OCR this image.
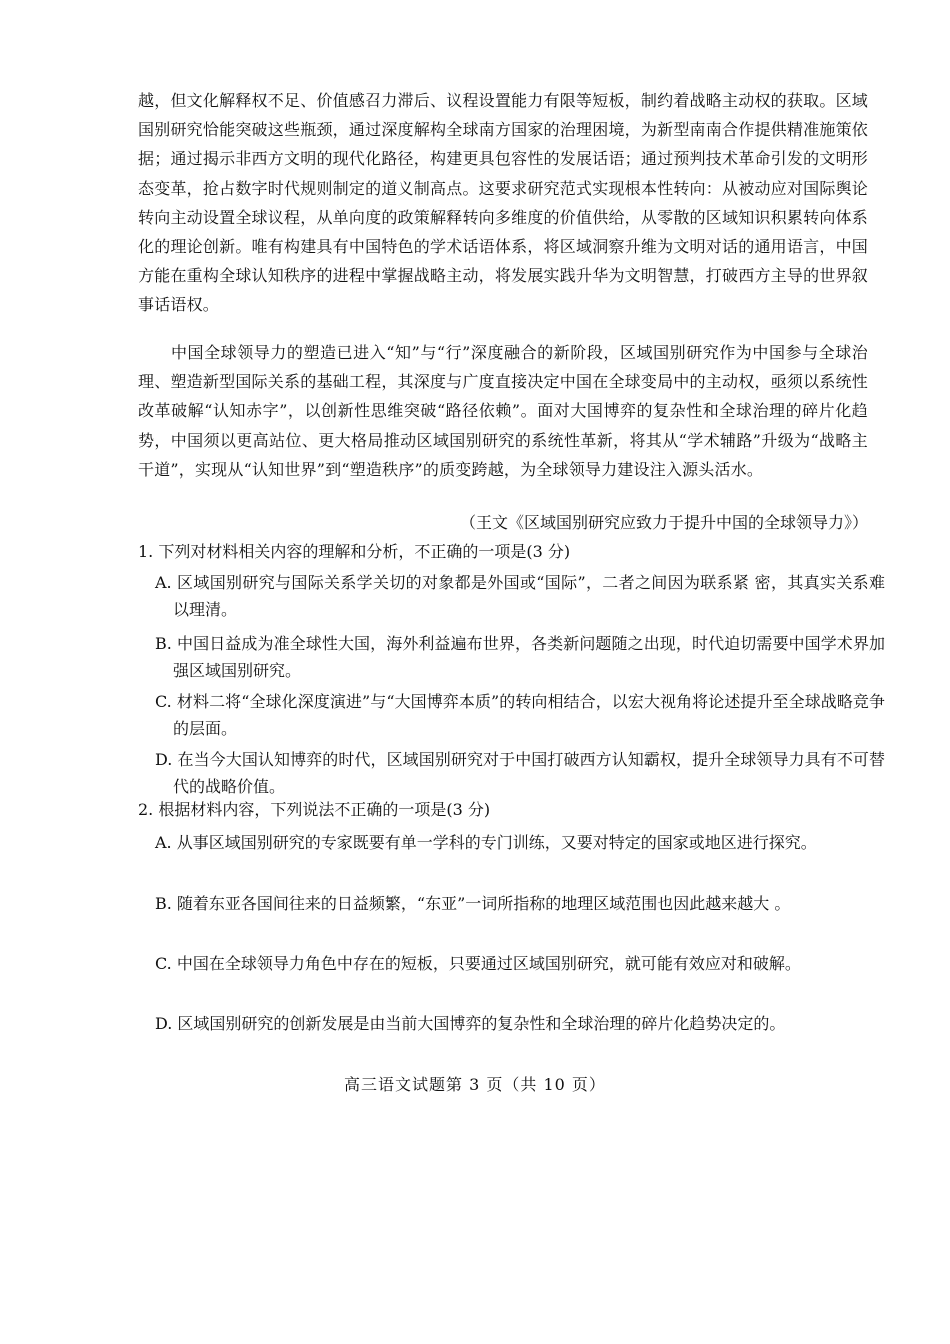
越，但文化解释权不足、价值感召力滞后、议程设置能力有限等短板，制约着战略主动权的获取。区域国别研究恰能突破这些瓶颈，通过深度解构全球南方国家的治理困境，为新型南南合作提供精准施策依据；通过揭示非西方文明的现代化路径，构建更具包容性的发展话语；通过预判技术革命引发的文明形态变革，抢占数字时代规则制定的道义制高点。这要求研究范式实现根本性转向：从被动应对国际舆论转向主动设置全球议程，从单向度的政策解释转向多维度的价值供给，从零散的区域知识积累转向体系化的理论创新。唯有构建具有中国特色的学术话语体系，将区域洞察升维为文明对话的通用语言，中国方能在重构全球认知秩序的进程中掌握战略主动，将发展实践升华为文明智慧，打破西方主导的世界叙事话语权。

中国全球领导力的塑造已进入“知”与“行”深度融合的新阶段，区域国别研究作为中国参与全球治理、塑造新型国际关系的基础工程，其深度与广度直接决定中国在全球变局中的主动权，亟须以系统性改革破解“认知赤字”，以创新性思维突破“路径依赖”。面对大国博弈的复杂性和全球治理的碎片化趋势，中国须以更高站位、更大格局推动区域国别研究的系统性革新，将其从“学术辅路”升级为“战略主干道”，实现从“认知世界”到“塑造秩序”的质变跨越，为全球领导力建设注入源头活水。

（王文《区域国别研究应致力于提升中国的全球领导力》）

1. 下列对材料相关内容的理解和分析，不正确的一项是(3 分)

A. 区域国别研究与国际关系学关切的对象都是外国或“国际”，二者之间因为联系紧 密，其真实关系难以理清。

B. 中国日益成为准全球性大国，海外利益遍布世界，各类新问题随之出现，时代迫切需要中国学术界加强区域国别研究。

C. 材料二将“全球化深度演进”与“大国博弈本质”的转向相结合，以宏大视角将论述提升至全球战略竞争的层面。

D. 在当今大国认知博弈的时代，区域国别研究对于中国打破西方认知霸权，提升全球领导力具有不可替代的战略价值。

2. 根据材料内容，下列说法不正确的一项是(3 分)

A. 从事区域国别研究的专家既要有单一学科的专门训练，又要对特定的国家或地区进行探究。

B. 随着东亚各国间往来的日益频繁，“东亚”一词所指称的地理区域范围也因此越来越大 。

C. 中国在全球领导力角色中存在的短板，只要通过区域国别研究，就可能有效应对和破解。

D. 区域国别研究的创新发展是由当前大国博弈的复杂性和全球治理的碎片化趋势决定的。

高三语文试题第 3 页（共 10 页）
